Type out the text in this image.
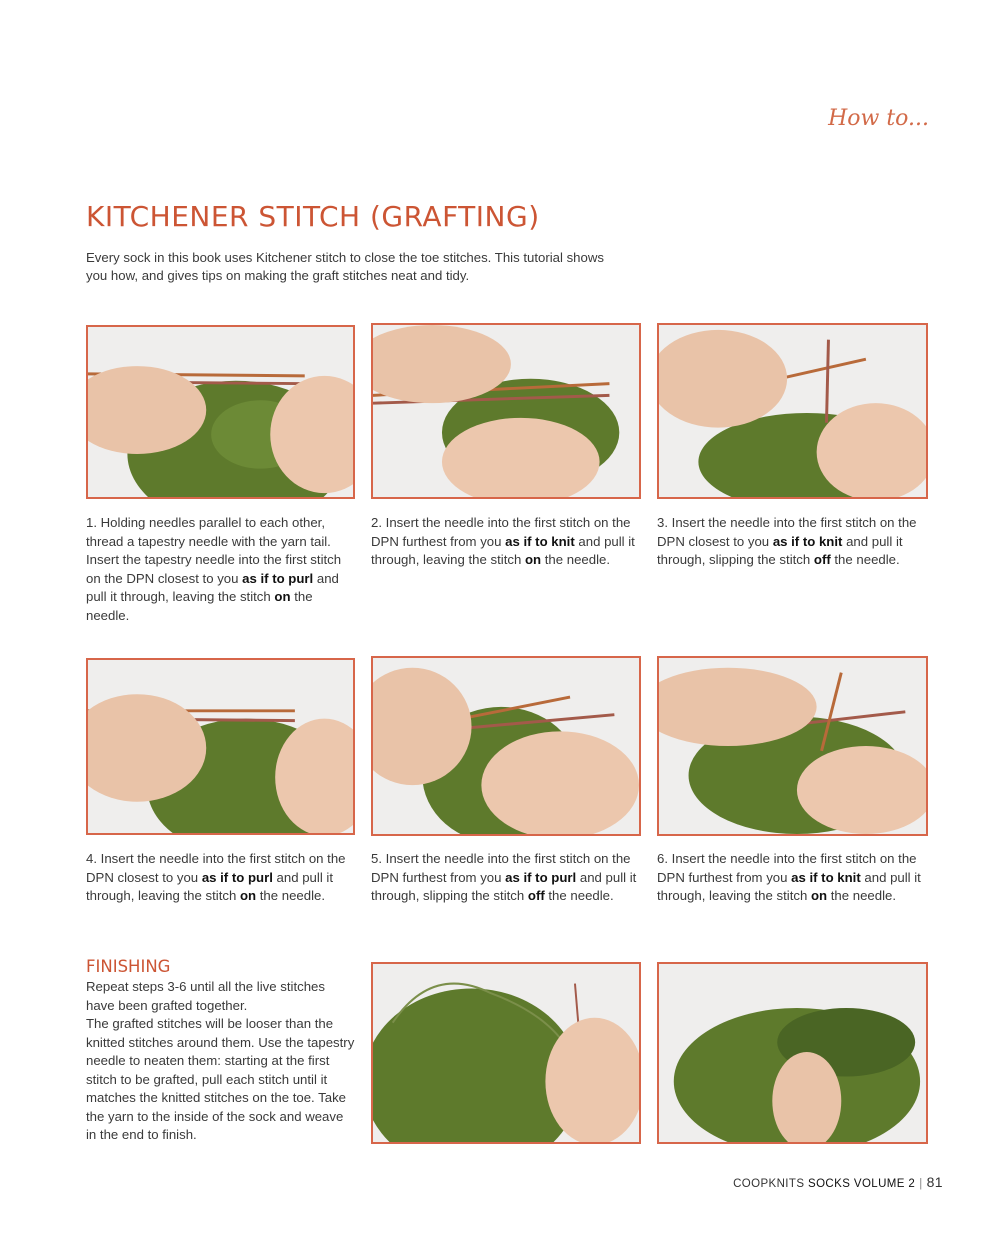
How to...
KITCHENER STITCH (GRAFTING)

Every sock in this book uses Kitchener stitch to close the toe stitches. This tutorial shows you how, and gives tips on making the graft stitches neat and tidy.

1. Holding needles parallel to each other, thread a tapestry needle with the yarn tail. Insert the tapestry needle into the first stitch on the DPN closest to you as if to purl and pull it through, leaving the stitch on the needle.

2. Insert the needle into the first stitch on the DPN furthest from you as if to knit and pull it through, leaving the stitch on the needle.

3. Insert the needle into the first stitch on the DPN closest to you as if to knit and pull it through, slipping the stitch off the needle.

4. Insert the needle into the first stitch on the DPN closest to you as if to purl and pull it through, leaving the stitch on the needle.

5. Insert the needle into the first stitch on the DPN furthest from you as if to purl and pull it through, slipping the stitch off the needle.

6. Insert the needle into the first stitch on the DPN furthest from you as if to knit and pull it through, leaving the stitch on the needle.

FINISHING

Repeat steps 3-6 until all the live stitches have been grafted together.
The grafted stitches will be looser than the knitted stitches around them. Use the tapestry needle to neaten them: starting at the first stitch to be grafted, pull each stitch until it matches the knitted stitches on the toe. Take the yarn to the inside of the sock and weave in the end to finish.

COOPKNITS SOCKS VOLUME 2 | 81
